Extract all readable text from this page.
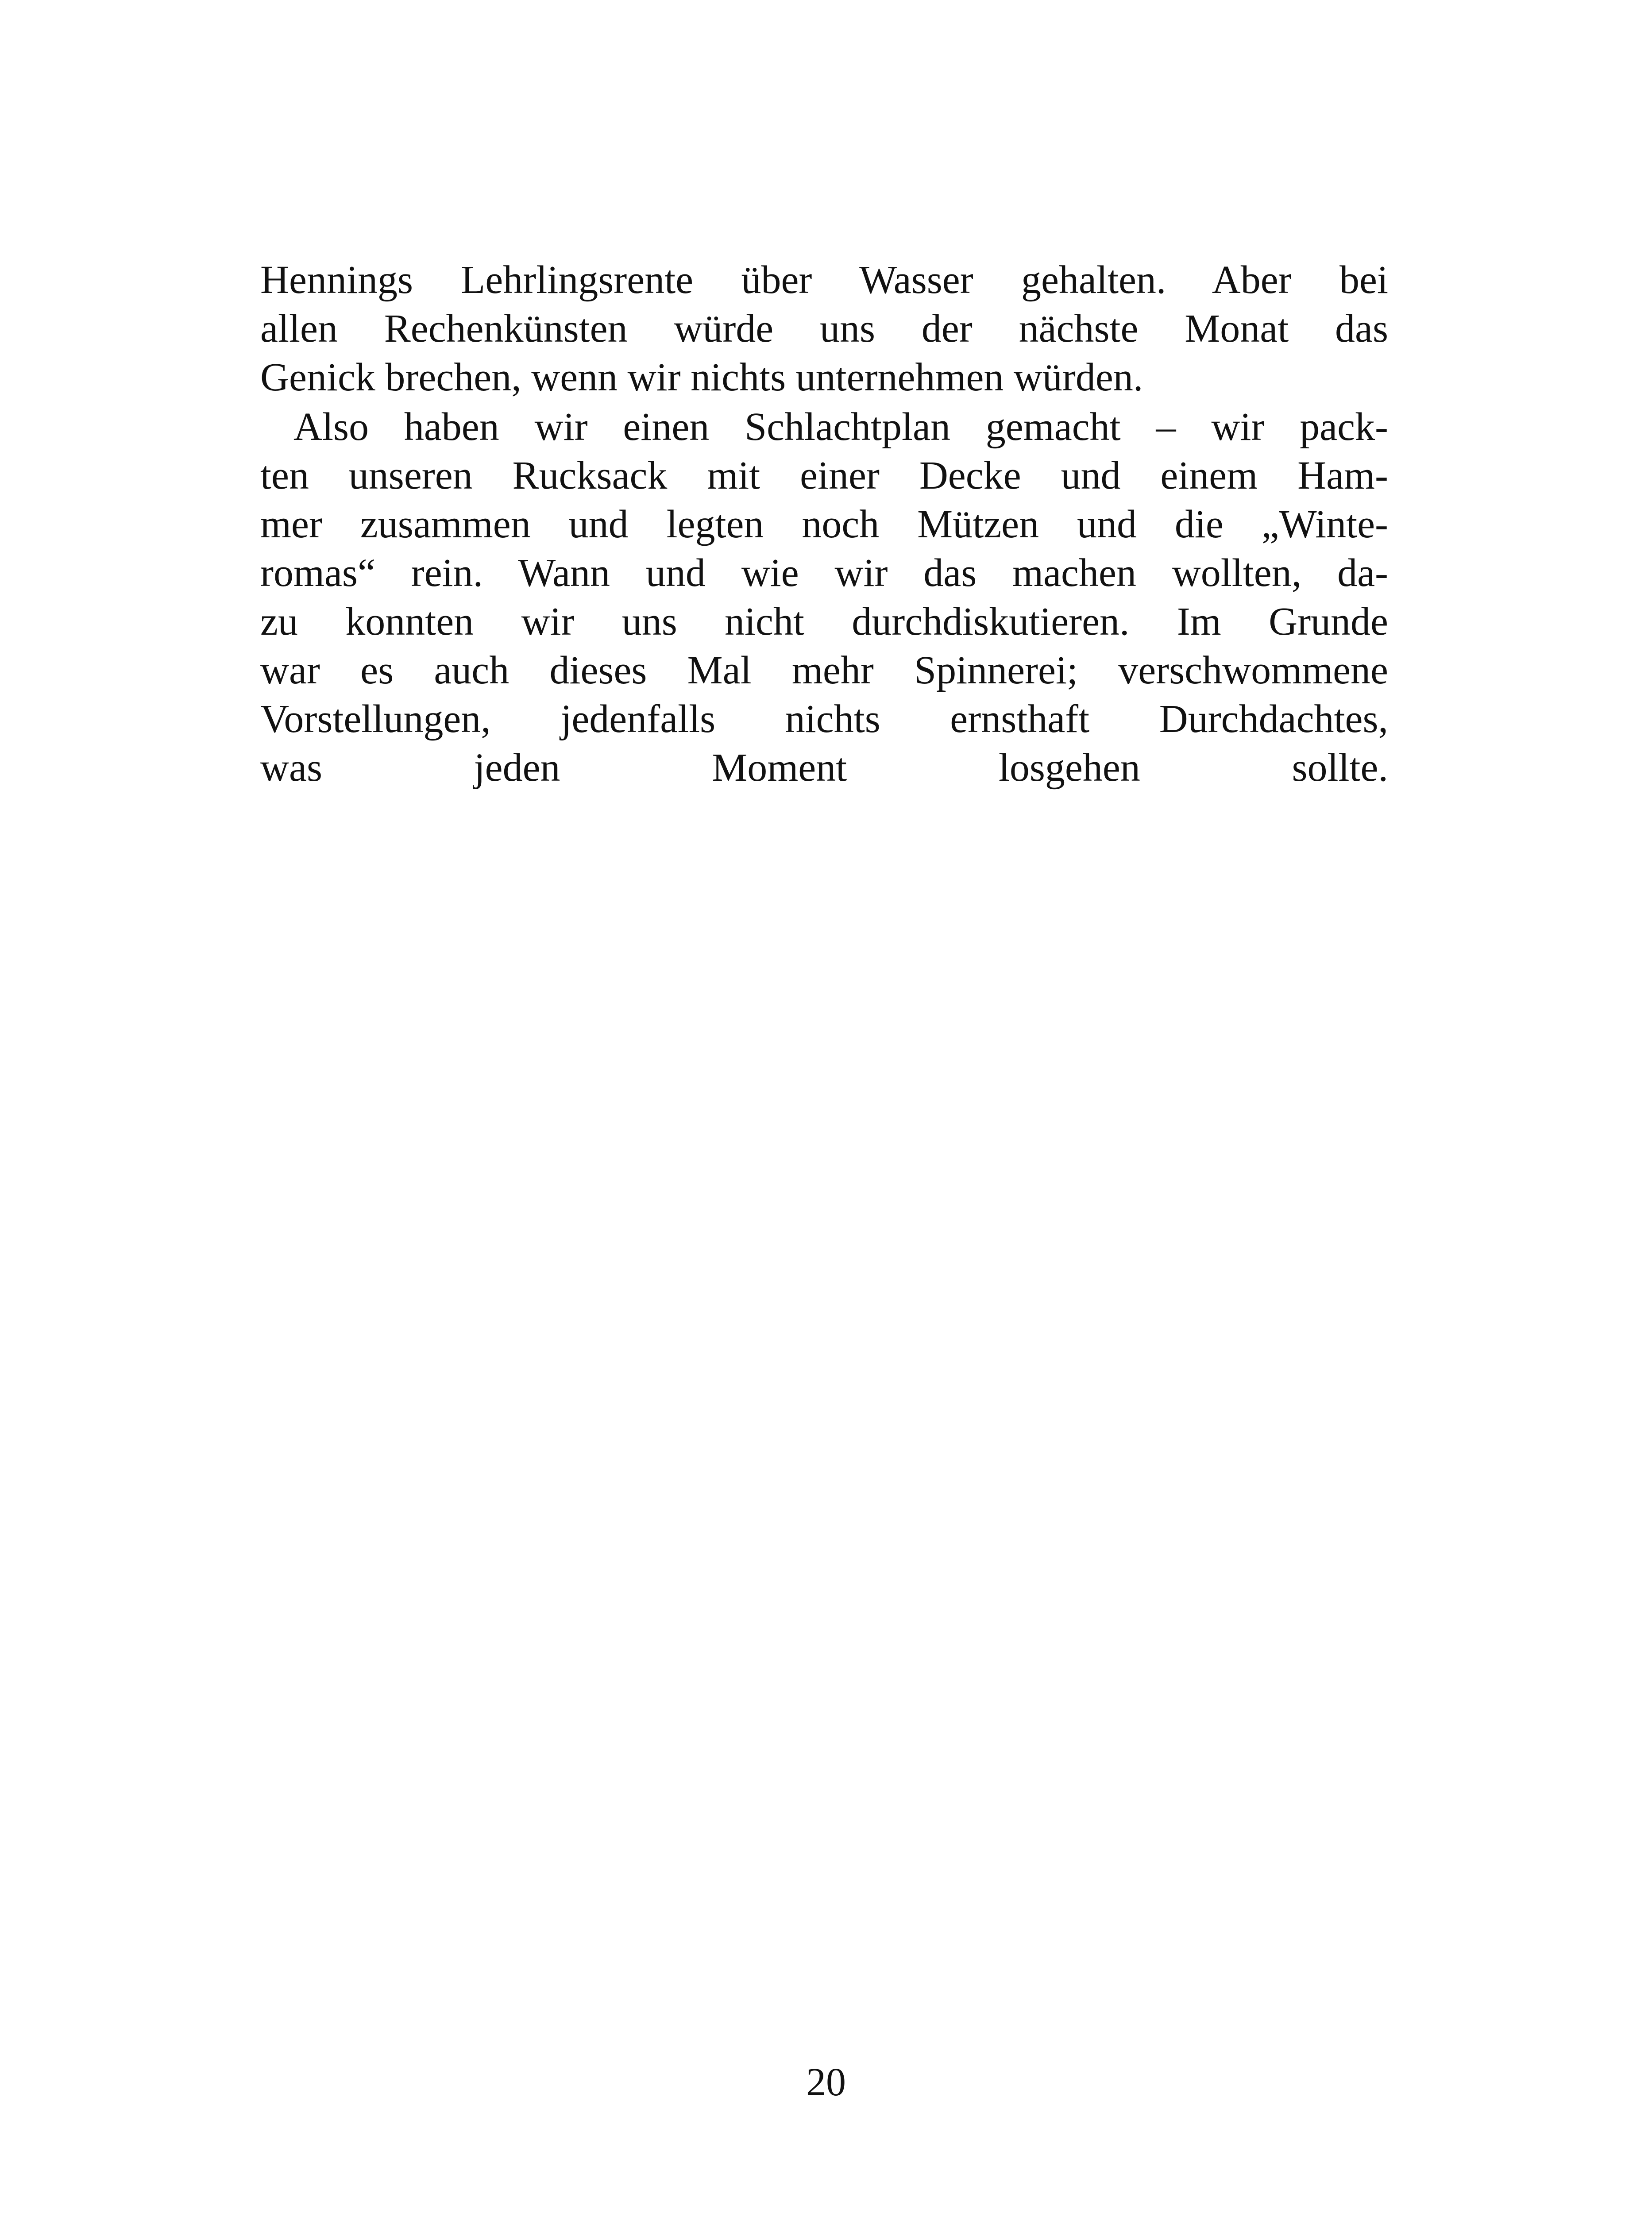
Hennings Lehrlingsrente über Wasser gehalten. Aber bei
allen Rechenkünsten würde uns der nächste Monat das
Genick brechen, wenn wir nichts unternehmen würden.
Also haben wir einen Schlachtplan gemacht – wir pack-
ten unseren Rucksack mit einer Decke und einem Ham-
mer zusammen und legten noch Mützen und die „Winte-
romas“ rein. Wann und wie wir das machen wollten, da-
zu konnten wir uns nicht durchdiskutieren. Im Grunde
war es auch dieses Mal mehr Spinnerei; verschwommene
Vorstellungen, jedenfalls nichts ernsthaft Durchdachtes,
was jeden Moment losgehen sollte.
20
